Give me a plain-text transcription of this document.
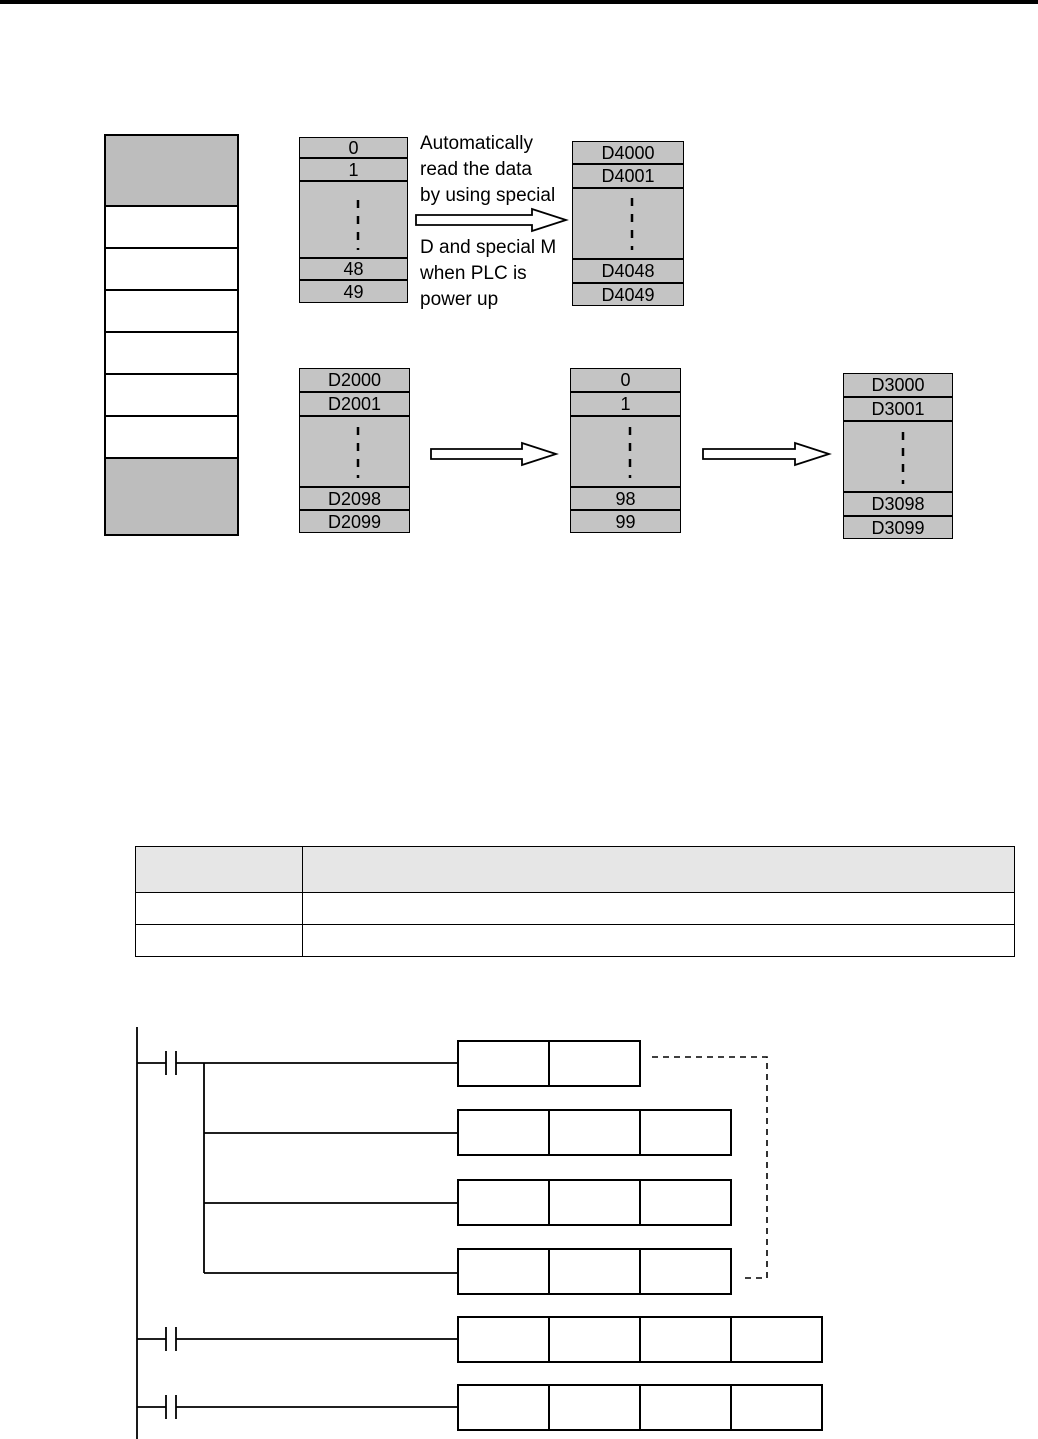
0
1
48
49
D4000
D4001
D4048
D4049
Automatically
read the data
by using special
D and special M
when PLC is
power up
D2000
D2001
D2098
D2099
0
1
98
99
D3000
D3001
D3098
D3099
